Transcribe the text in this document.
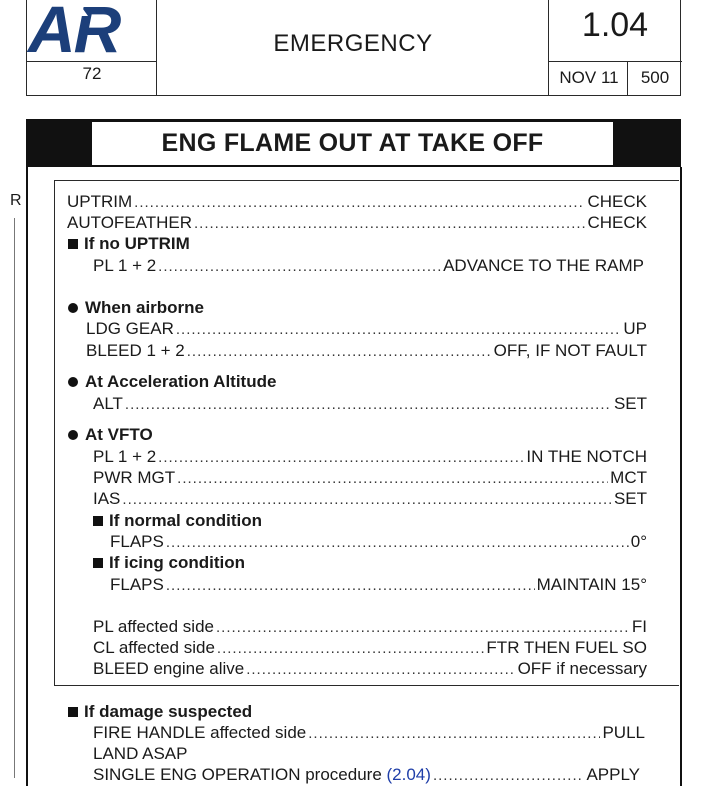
AR
72
EMERGENCY	1.04
NOV 11	500
ENG FLAME OUT AT TAKE OFF
R	UPTRIM .....	CHECK
AUTOFEATHER .....	CHECK
If no UPTRIM
PL 1 + 2 .....	ADVANCE TO THE RAMP
When airborne
LDG GEAR .....	UP
BLEED 1 + 2 .....	OFF, IF NOT FAULT
At Acceleration Altitude
ALT .....	SET
At VFTO
PL 1 + 2 .....	IN THE NOTCH
PWR MGT .....	MCT
IAS .....	SET
If normal condition
FLAPS .....	0°
If icing condition
FLAPS .....	MAINTAIN 15°
PL affected side .....	FI
CL affected side .....	FTR THEN FUEL SO
BLEED engine alive .....	OFF if necessary
If damage suspected
FIRE HANDLE affected side .....	PULL
LAND ASAP
SINGLE ENG OPERATION procedure (2.04) .....	APPLY
